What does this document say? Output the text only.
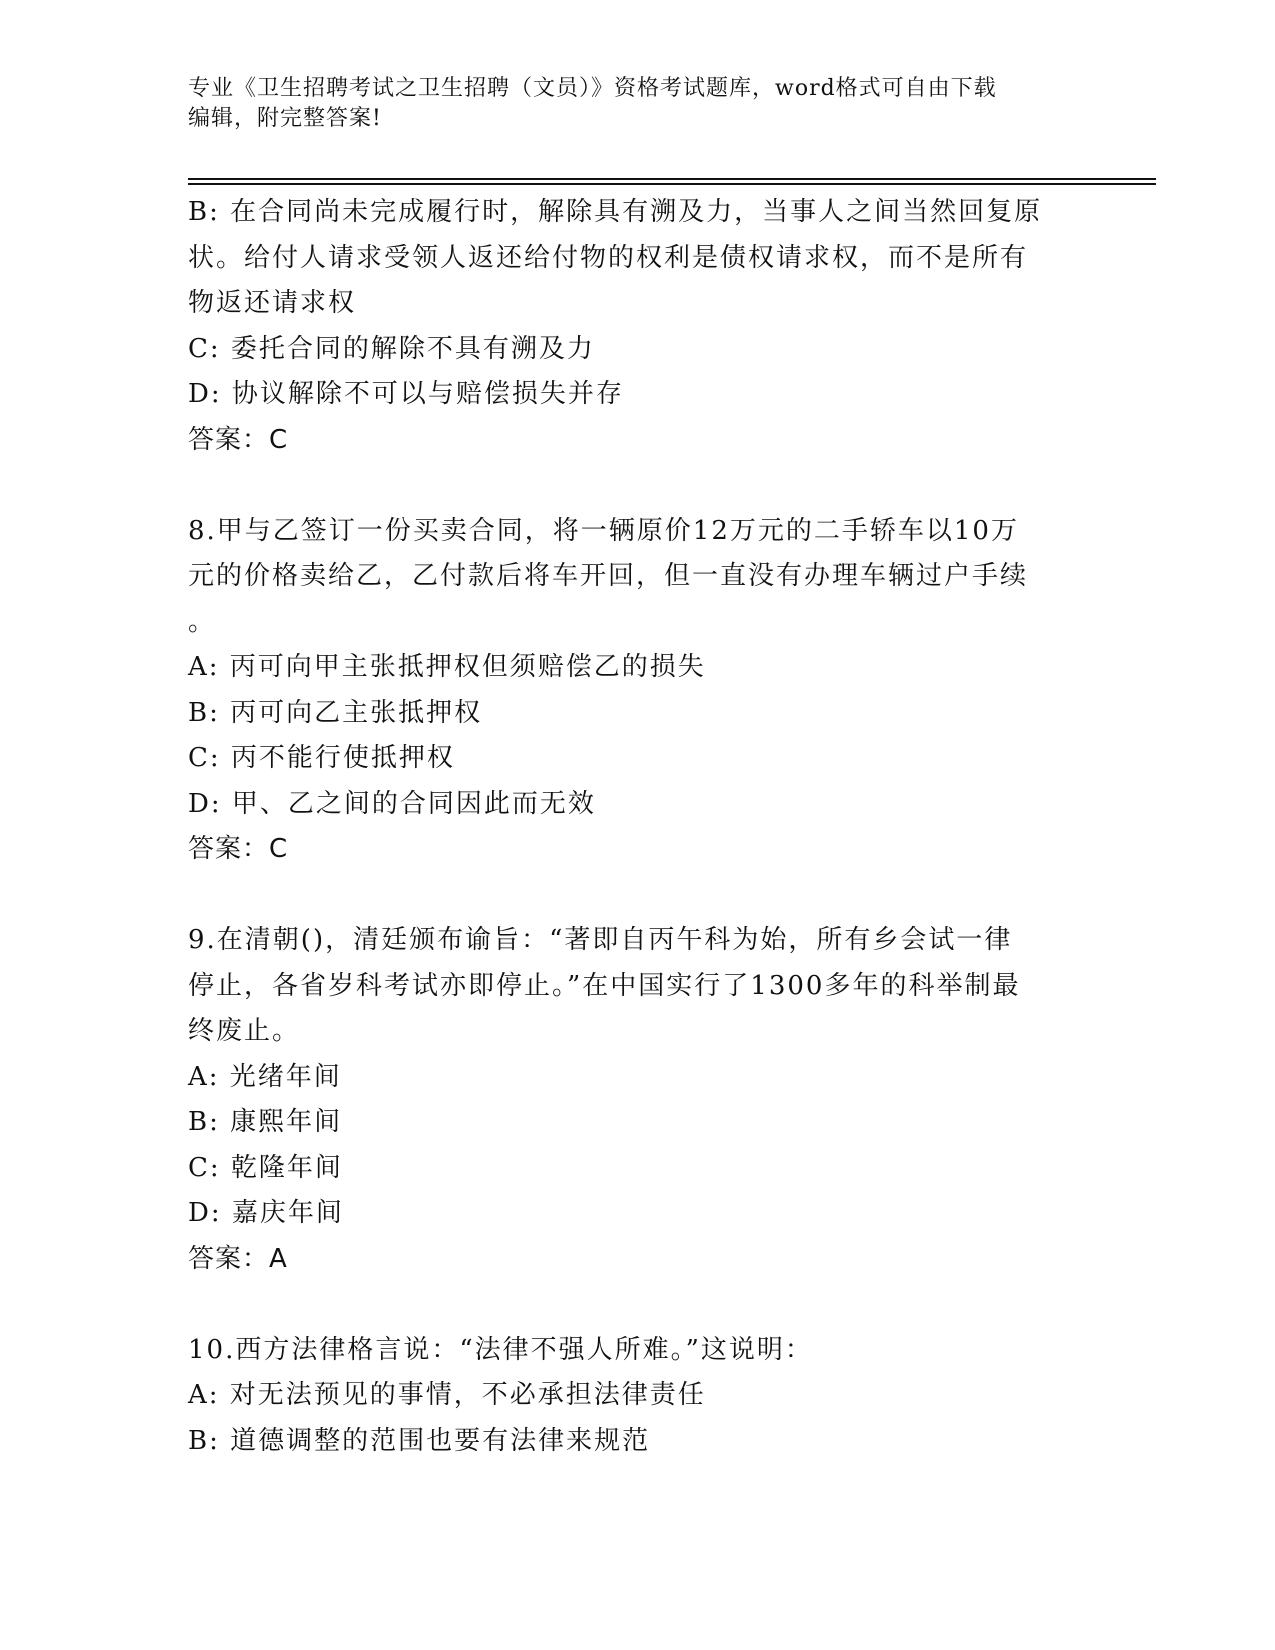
专业《卫生招聘考试之卫生招聘（文员）》资格考试题库，word格式可自由下载
编辑，附完整答案!
B: 在合同尚未完成履行时，解除具有溯及力，当事人之间当然回复原
状。给付人请求受领人返还给付物的权利是债权请求权，而不是所有
物返还请求权
C: 委托合同的解除不具有溯及力
D: 协议解除不可以与赔偿损失并存
答案：C
8.甲与乙签订一份买卖合同，将一辆原价12万元的二手轿车以10万
元的价格卖给乙，乙付款后将车开回，但一直没有办理车辆过户手续
。
A: 丙可向甲主张抵押权但须赔偿乙的损失
B: 丙可向乙主张抵押权
C: 丙不能行使抵押权
D: 甲、乙之间的合同因此而无效
答案：C
9.在清朝()，清廷颁布谕旨：“著即自丙午科为始，所有乡会试一律
停止，各省岁科考试亦即停止。”在中国实行了1300多年的科举制最
终废止。
A: 光绪年间
B: 康熙年间
C: 乾隆年间
D: 嘉庆年间
答案：A
10.西方法律格言说：“法律不强人所难。”这说明：
A: 对无法预见的事情，不必承担法律责任
B: 道德调整的范围也要有法律来规范
